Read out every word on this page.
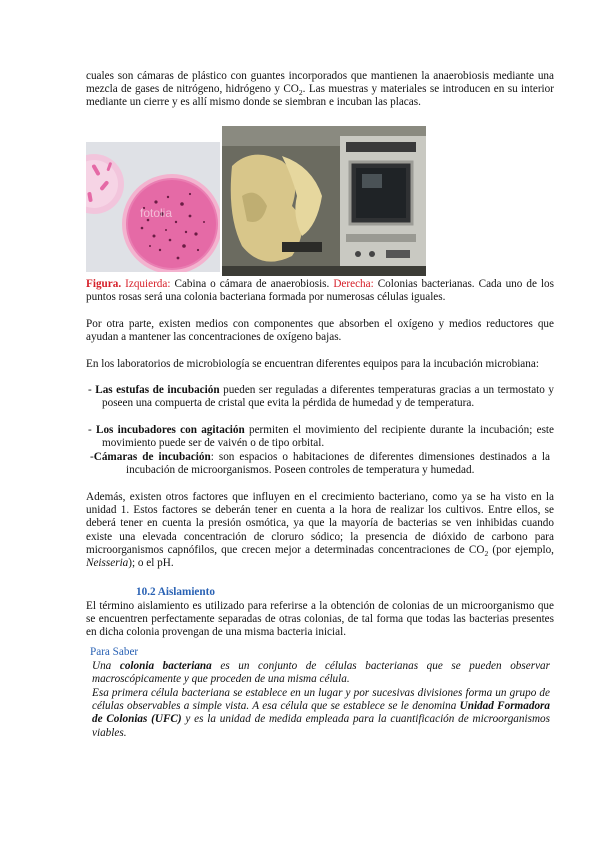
cuales son cámaras de plástico con guantes incorporados que mantienen la anaerobiosis mediante una mezcla de gases de nitrógeno, hidrógeno y $CO_2$. Las muestras y materiales se introducen en su interior mediante un cierre y es allí mismo donde se siembran e incuban las placas.

fotolia

Figura. Izquierda: Cabina o cámara de anaerobiosis. Derecha: Colonias bacterianas. Cada uno de los puntos rosas será una colonia bacteriana formada por numerosas células iguales.

Por otra parte, existen medios con componentes que absorben el oxígeno y medios reductores que ayudan a mantener las concentraciones de oxígeno bajas.

En los laboratorios de microbiología se encuentran diferentes equipos para la incubación microbiana:

- Las estufas de incubación pueden ser reguladas a diferentes temperaturas gracias a un termostato y poseen una compuerta de cristal que evita la pérdida de humedad y de temperatura.

- Los incubadores con agitación permiten el movimiento del recipiente durante la incubación; este movimiento puede ser de vaivén o de tipo orbital.

-Cámaras de incubación: son espacios o habitaciones de diferentes dimensiones destinados a la incubación de microorganismos. Poseen controles de temperatura y humedad.

Además, existen otros factores que influyen en el crecimiento bacteriano, como ya se ha visto en la unidad 1. Estos factores se deberán tener en cuenta a la hora de realizar los cultivos. Entre ellos, se deberá tener en cuenta la presión osmótica, ya que la mayoría de bacterias se ven inhibidas cuando existe una elevada concentración de cloruro sódico; la presencia de dióxido de carbono para microorganismos capnófilos, que crecen mejor a determinadas concentraciones de $CO_2$ (por ejemplo, Neisseria); o el pH.

10.2 Aislamiento

El término aislamiento es utilizado para referirse a la obtención de colonias de un microorganismo que se encuentren perfectamente separadas de otras colonias, de tal forma que todas las bacterias presentes en dicha colonia provengan de una misma bacteria inicial.

Para Saber

Una colonia bacteriana es un conjunto de células bacterianas que se pueden observar macroscópicamente y que proceden de una misma célula.

Esa primera célula bacteriana se establece en un lugar y por sucesivas divisiones forma un grupo de células observables a simple vista. A esa célula que se establece se le denomina Unidad Formadora de Colonias (UFC) y es la unidad de medida empleada para la cuantificación de microorganismos viables.
